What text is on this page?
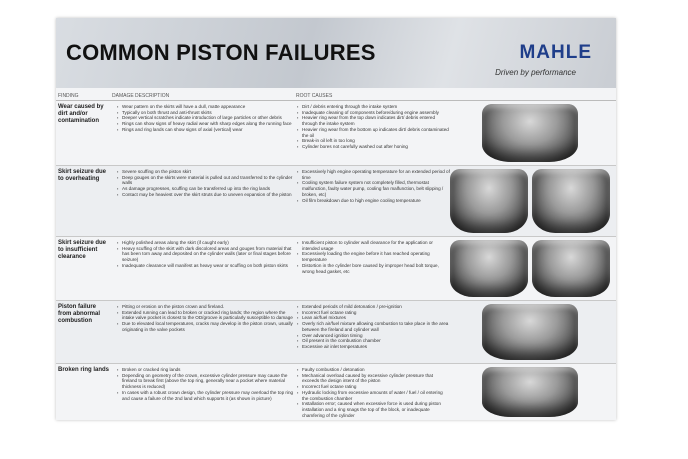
COMMON PISTON FAILURES	MAHLE
Driven by performance
FINDING	DAMAGE DESCRIPTION	ROOT CAUSES
Wear caused by dirt and/or contamination
▪ Wear pattern on the skirts will have a dull, matte appearance
▪ Typically on both thrust and anti-thrust skirts
▪ Deeper vertical scratches indicate introduction of large particles or other debris
▪ Rings can show signs of heavy radial wear with sharp edges along the running face
▪ Rings and ring lands can show signs of axial (vertical) wear
▪ Dirt / debris entering through the intake system
▪ Inadequate cleaning of components before/during engine assembly
▪ Heavier ring wear from the top down indicates dirt/ debris entered through the intake system
▪ Heavier ring wear from the bottom up indicates dirt/ debris contaminated the oil
▪ Break-in oil left in too long
▪ Cylinder bores not carefully washed out after honing
Skirt seizure due to overheating
▪ Severe scuffing on the piston skirt
▪ Deep gouges on the skirts were material is pulled out and transferred to the cylinder walls
▪ As damage progresses, scuffing can be transferred up into the ring lands
▪ Contact may be heaviest over the skirt struts due to uneven expansion of the piston
▪ Excessively high engine operating temperature for an extended period of time
▪ Cooling system failure system not completely filled, thermostat malfunction, faulty water pump, cooling fan malfunction, belt slipping / broken, etc)
▪ Oil film breakdown due to high engine cooling temperature
Skirt seizure due to insufficient clearance
▪ Highly polished areas along the skirt (if caught early)
▪ Heavy scuffing of the skirt with dark discolored areas and gouges from material that has been torn away and deposited on the cylinder walls (later or final stages before seizure)
▪ Inadequate clearance will manifest as heavy wear or scuffing on both piston skirts
▪ Insufficient piston to cylinder wall clearance for the application or intended usage
▪ Excessively loading the engine before it has reached operating temperature
▪ Distortion in the cylinder bore caused by improper head bolt torque, wrong head gasket, etc
Piston failure from abnormal combustion
▪ Pitting or erosion on the piston crown and fireland.
▪ Extended running can lead to broken or cracked ring lands; the region where the intake valve pocket is closest to the OD/groove is particularly susceptible to damage
▪ Due to elevated local temperatures, cracks may develop in the piston crown, usually originating in the valve pockets
▪ Extended periods of mild detonation / pre-ignition
▪ Incorrect fuel octane rating
▪ Lean air/fuel mixtures
▪ Overly rich air/fuel mixture allowing combustion to take place in the area between the fireland and cylinder wall
▪ Over advanced ignition timing
▪ Oil present in the combustion chamber
▪ Excessive air inlet temperatures
Broken ring lands
▪	Broken or cracked ring lands
▪ Depending on geometry of the crown, excessive cylinder pressure may cause the fireland to break first (above the top ring, generally near a pocket where material thickness is reduced)
▪ In cases with a robust crown design, the cylinder pressure may overload the top ring and cause a failure of the 2nd land which supports it (as shown in picture)
▪ Faulty combustion / detonation
▪ Mechanical overload caused by excessive cylinder pressure that exceeds the design intent of the piston
▪ Incorrect fuel octane rating
▪ Hydraulic locking from excessive amounts of water / fuel / oil entering the combustion chamber
▪ Installation error; caused when excessive force is used during piston installation and a ring snags the top of the block, or inadequate chamfering of the cylinder
